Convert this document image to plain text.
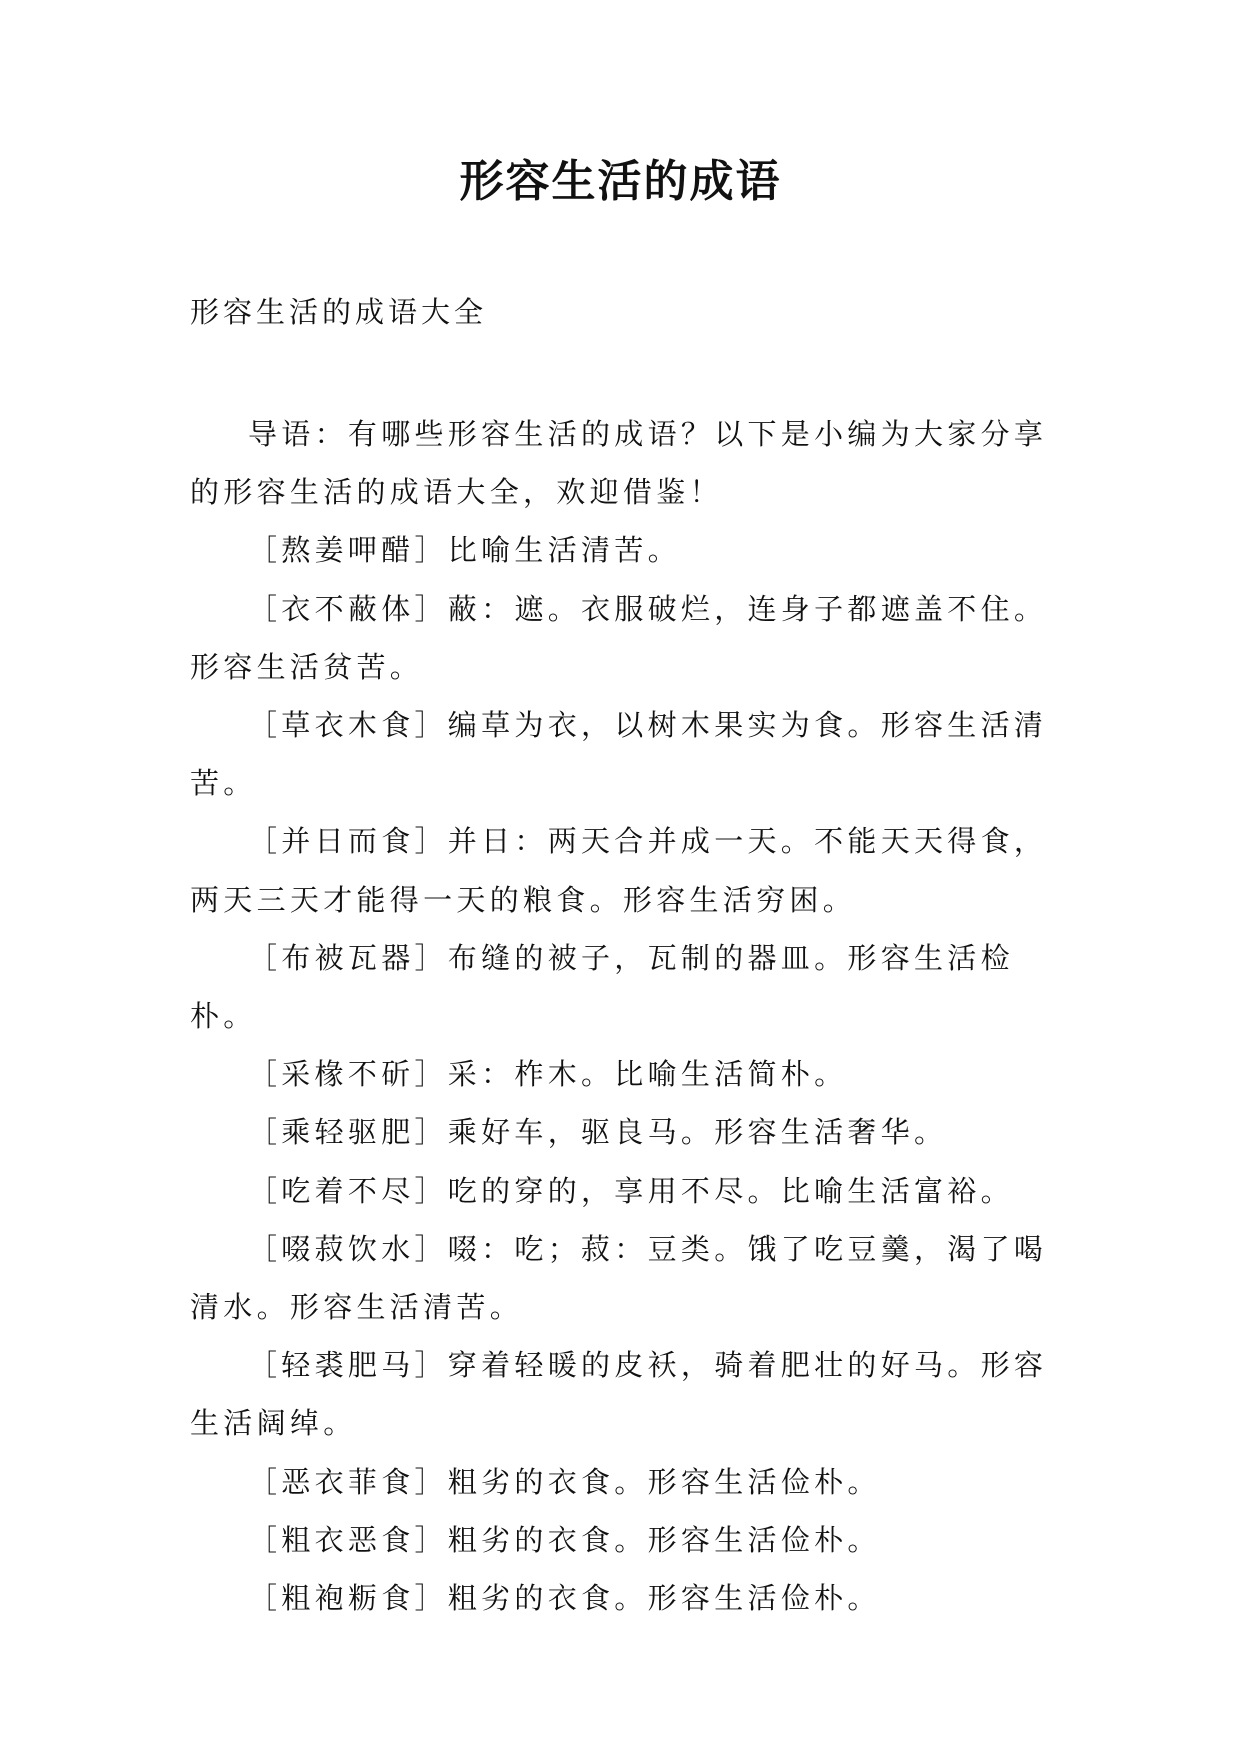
形容生活的成语

形容生活的成语大全

导语：有哪些形容生活的成语？以下是小编为大家分享的形容生活的成语大全，欢迎借鉴！

［熬姜呷醋］比喻生活清苦。

［衣不蔽体］蔽：遮。衣服破烂，连身子都遮盖不住。形容生活贫苦。

［草衣木食］编草为衣，以树木果实为食。形容生活清苦。

［并日而食］并日：两天合并成一天。不能天天得食，两天三天才能得一天的粮食。形容生活穷困。

［布被瓦器］布缝的被子，瓦制的器皿。形容生活检朴。

［采椽不斫］采：柞木。比喻生活简朴。

［乘轻驱肥］乘好车，驱良马。形容生活奢华。

［吃着不尽］吃的穿的，享用不尽。比喻生活富裕。

［啜菽饮水］啜：吃；菽：豆类。饿了吃豆羹，渴了喝清水。形容生活清苦。

［轻裘肥马］穿着轻暖的皮袄，骑着肥壮的好马。形容生活阔绰。

［恶衣菲食］粗劣的衣食。形容生活俭朴。

［粗衣恶食］粗劣的衣食。形容生活俭朴。

［粗袍粝食］粗劣的衣食。形容生活俭朴。
